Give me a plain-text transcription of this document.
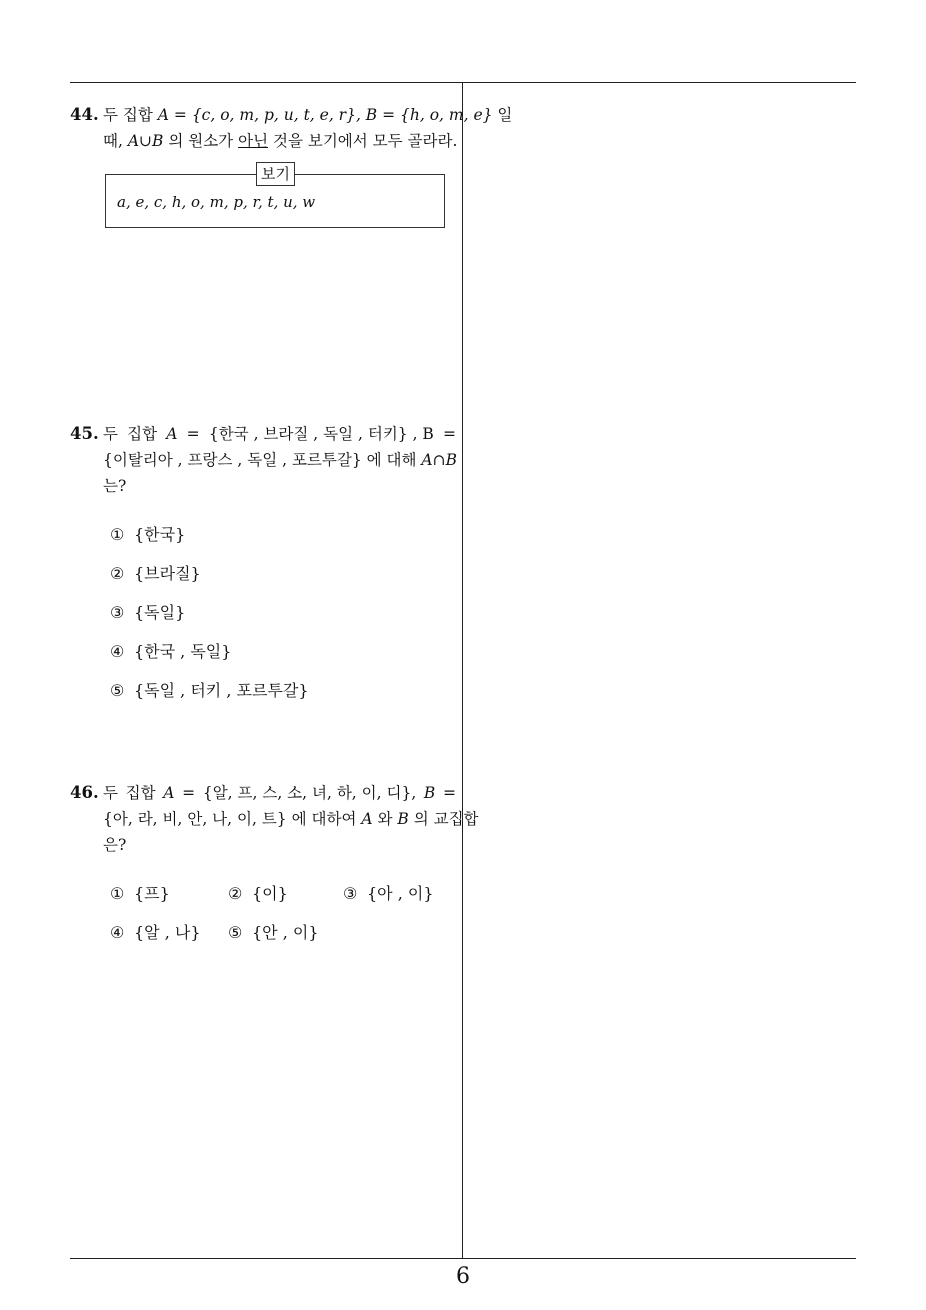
6
44. 두 집합 A = {c, o, m, p, u, t, e, r}, B = {h, o, m, e} 일
때, A∪B 의 원소가 아닌 것을 보기에서 모두 골라라.
보기
a, e, c, h, o, m, p, r, t, u, w
45. 두 집합 A = {한국 , 브라질 , 독일 , 터키} , B =
{이탈리아 , 프랑스 , 독일 , 포르투갈} 에 대해 A∩B
는?
① {한국}
② {브라질}
③ {독일}
④ {한국 , 독일}
⑤ {독일 , 터키 , 포르투갈}
46. 두 집합 A = {알, 프, 스, 소, 녀, 하, 이, 디}, B =
{아, 라, 비, 안, 나, 이, 트} 에 대하여 A 와 B 의 교집합
은?
① {프}	② {이}	③ {아 , 이}
④ {알 , 나} ⑤ {안 , 이}
